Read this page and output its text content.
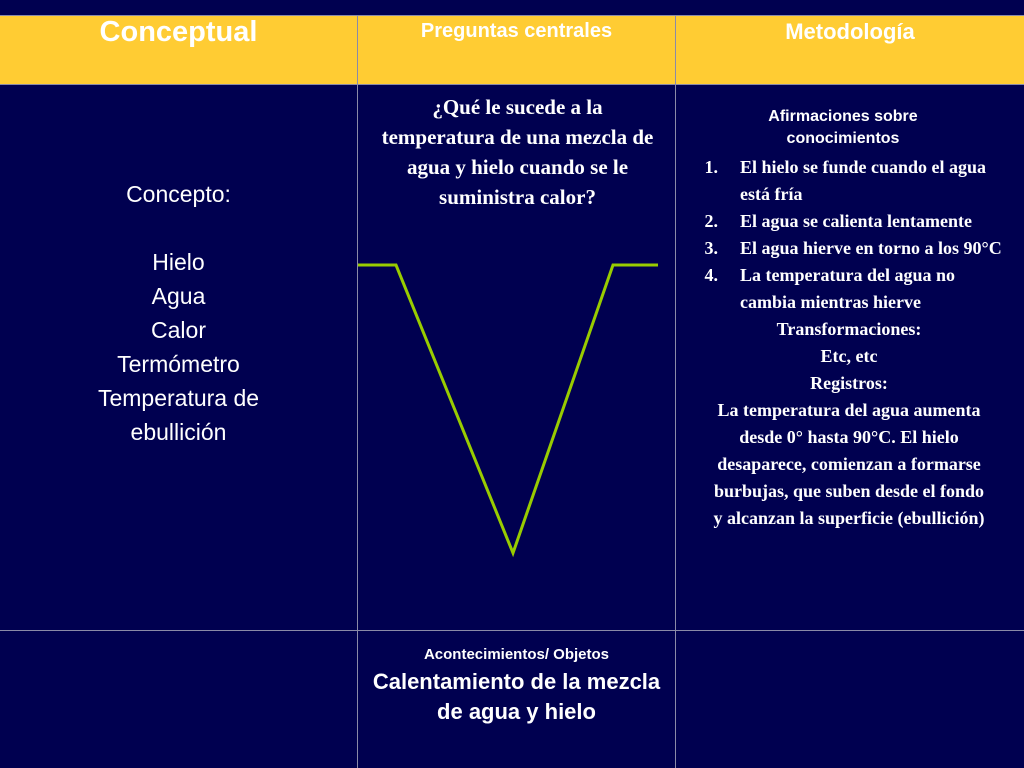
Conceptual	Preguntas centrales	Metodología
Concepto:
Hielo
Agua
Calor
Termómetro
Temperatura de ebullición
¿Qué le sucede a la temperatura de una mezcla de agua y hielo cuando se le suministra calor?
Acontecimientos/ Objetos
Calentamiento de la mezcla de agua y hielo
Afirmaciones sobre conocimientos
1. El hielo se funde cuando el agua está fría
2. El agua se calienta lentamente
3. El agua hierve en torno a los 90°C
4. La temperatura del agua no cambia mientras hierve
Transformaciones:
Etc, etc
Registros:
La temperatura del agua aumenta desde 0° hasta 90°C. El hielo desaparece, comienzan a formarse burbujas, que suben desde el fondo y alcanzan la superficie (ebullición)
